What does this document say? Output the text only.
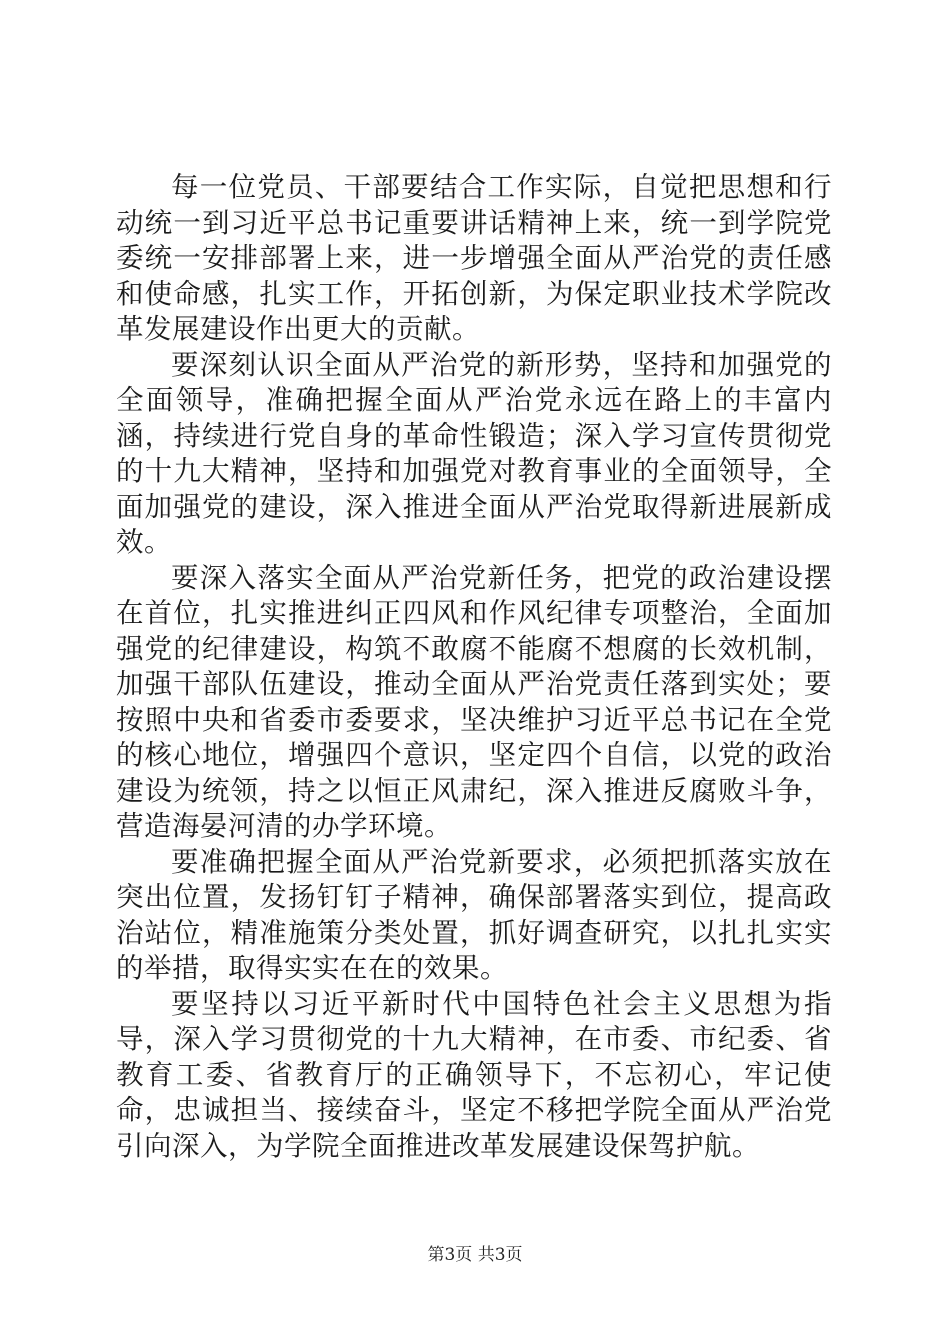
每一位党员、干部要结合工作实际，自觉把思想和行动统一到习近平总书记重要讲话精神上来，统一到学院党委统一安排部署上来，进一步增强全面从严治党的责任感和使命感，扎实工作，开拓创新，为保定职业技术学院改革发展建设作出更大的贡献。

要深刻认识全面从严治党的新形势，坚持和加强党的全面领导，准确把握全面从严治党永远在路上的丰富内涵，持续进行党自身的革命性锻造；深入学习宣传贯彻党的十九大精神，坚持和加强党对教育事业的全面领导，全面加强党的建设，深入推进全面从严治党取得新进展新成效。

要深入落实全面从严治党新任务，把党的政治建设摆在首位，扎实推进纠正四风和作风纪律专项整治，全面加强党的纪律建设，构筑不敢腐不能腐不想腐的长效机制，加强干部队伍建设，推动全面从严治党责任落到实处；要按照中央和省委市委要求，坚决维护习近平总书记在全党的核心地位，增强四个意识，坚定四个自信，以党的政治建设为统领，持之以恒正风肃纪，深入推进反腐败斗争，营造海晏河清的办学环境。

要准确把握全面从严治党新要求，必须把抓落实放在突出位置，发扬钉钉子精神，确保部署落实到位，提高政治站位，精准施策分类处置，抓好调查研究，以扎扎实实的举措，取得实实在在的效果。

要坚持以习近平新时代中国特色社会主义思想为指导，深入学习贯彻党的十九大精神，在市委、市纪委、省教育工委、省教育厅的正确领导下，不忘初心，牢记使命，忠诚担当、接续奋斗，坚定不移把学院全面从严治党引向深入，为学院全面推进改革发展建设保驾护航。

第3页 共3页
